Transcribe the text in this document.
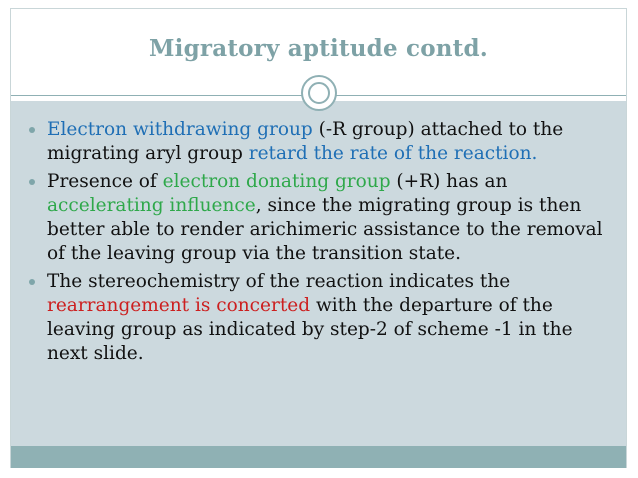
Migratory aptitude contd.
Electron withdrawing group (-R group) attached to the migrating aryl group retard the rate of the reaction.
Presence of electron donating group (+R) has an accelerating influence, since the migrating group is then better able to render arichimeric assistance to the removal of the leaving group via the transition state.
The stereochemistry of the reaction indicates the rearrangement is concerted with the departure of the leaving group as indicated by step-2 of scheme -1 in the next slide.
